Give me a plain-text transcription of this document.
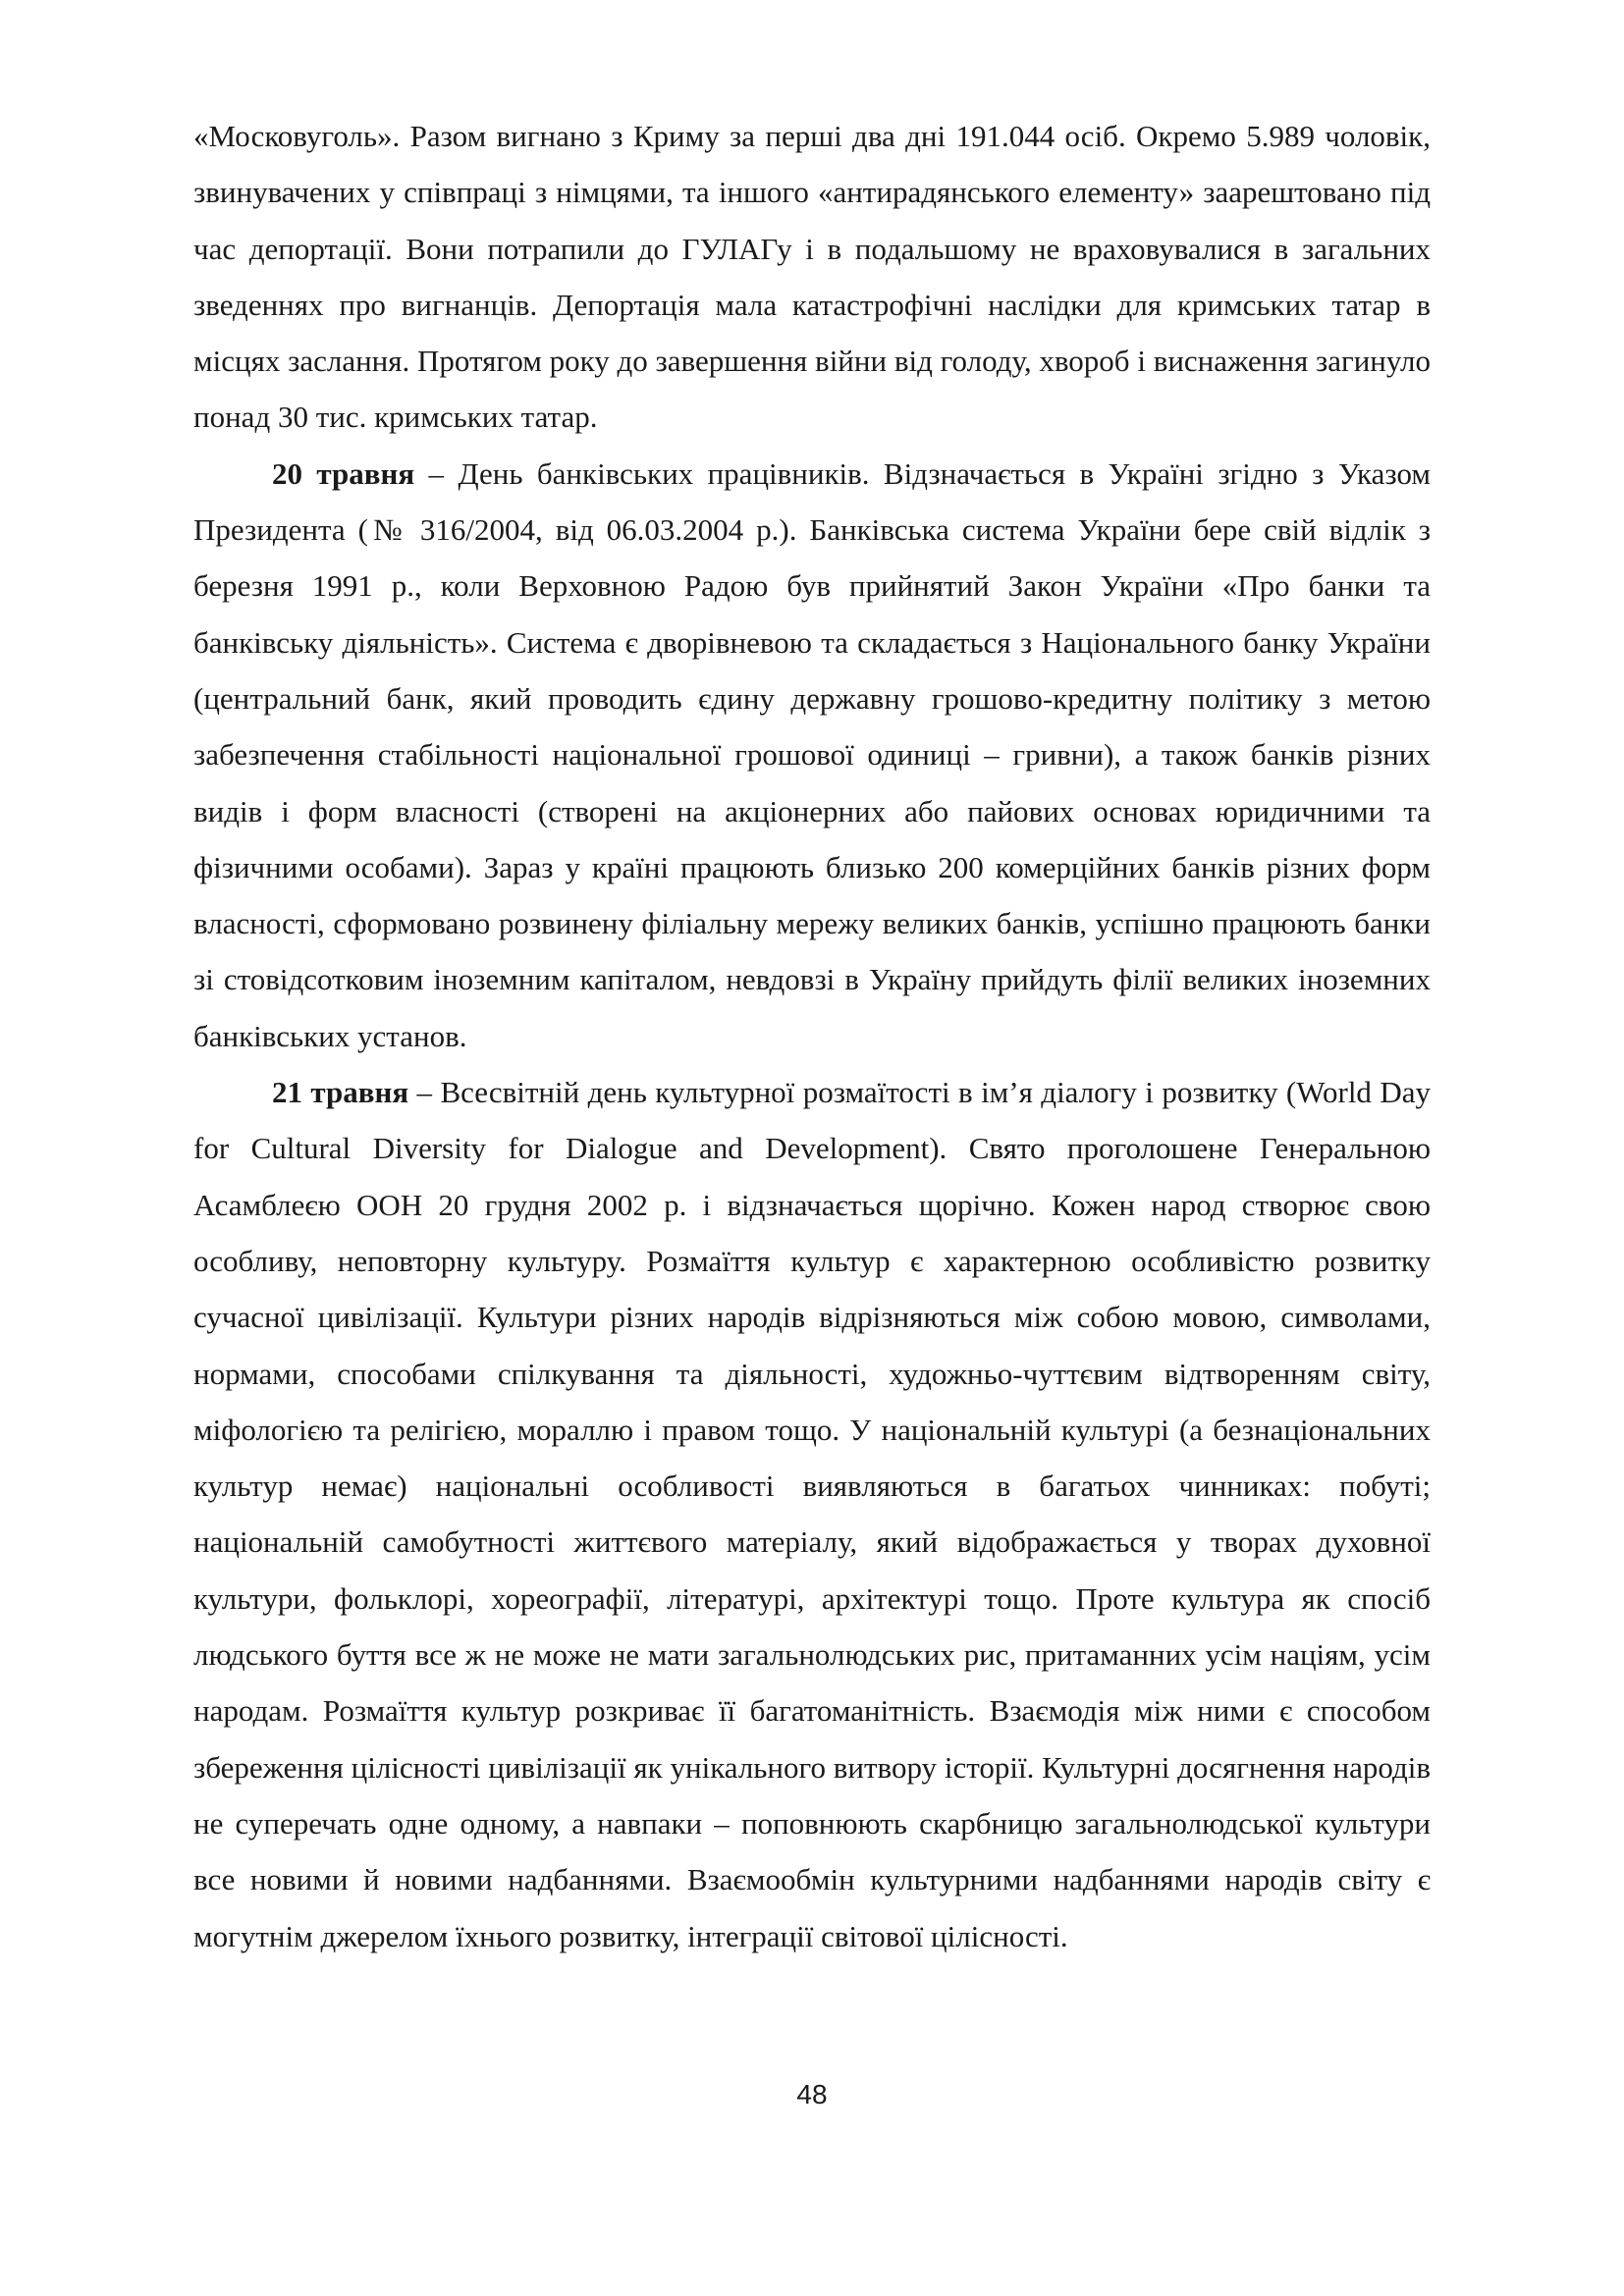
«Московуголь». Разом вигнано з Криму за перші два дні 191.044 осіб. Окремо 5.989 чоловік, звинувачених у співпраці з німцями, та іншого «антирадянського елементу» заарештовано під час депортації. Вони потрапили до ГУЛАГу і в подальшому не враховувалися в загальних зведеннях про вигнанців. Депортація мала катастрофічні наслідки для кримських татар в місцях заслання. Протягом року до завершення війни від голоду, хвороб і виснаження загинуло понад 30 тис. кримських татар.

20 травня – День банківських працівників. Відзначається в Україні згідно з Указом Президента (№ 316/2004, від 06.03.2004 р.). Банківська система України бере свій відлік з березня 1991 р., коли Верховною Радою був прийнятий Закон України «Про банки та банківську діяльність». Система є дворівневою та складається з Національного банку України (центральний банк, який проводить єдину державну грошово-кредитну політику з метою забезпечення стабільності національної грошової одиниці – гривни), а також банків різних видів і форм власності (створені на акціонерних або пайових основах юридичними та фізичними особами). Зараз у країні працюють близько 200 комерційних банків різних форм власності, сформовано розвинену філіальну мережу великих банків, успішно працюють банки зі стовідсотковим іноземним капіталом, невдовзі в Україну прийдуть філії великих іноземних банківських установ.

21 травня – Всесвітній день культурної розмаїтості в ім’я діалогу і розвитку (World Day for Cultural Diversity for Dialogue and Development). Свято проголошене Генеральною Асамблеєю ООН 20 грудня 2002 р. і відзначається щорічно. Кожен народ створює свою особливу, неповторну культуру. Розмаїття культур є характерною особливістю розвитку сучасної цивілізації. Культури різних народів відрізняються між собою мовою, символами, нормами, способами спілкування та діяльності, художньо-чуттєвим відтворенням світу, міфологією та релігією, мораллю і правом тощо. У національній культурі (а безнаціональних культур немає) національні особливості виявляються в багатьох чинниках: побуті; національній самобутності життєвого матеріалу, який відображається у творах духовної культури, фольклорі, хореографії, літературі, архітектурі тощо. Проте культура як спосіб людського буття все ж не може не мати загальнолюдських рис, притаманних усім націям, усім народам. Розмаїття культур розкриває її багатоманітність. Взаємодія між ними є способом збереження цілісності цивілізації як унікального витвору історії. Культурні досягнення народів не суперечать одне одному, а навпаки – поповнюють скарбницю загальнолюдської культури все новими й новими надбаннями. Взаємообмін культурними надбаннями народів світу є могутнім джерелом їхнього розвитку, інтеграції світової цілісності.

48
